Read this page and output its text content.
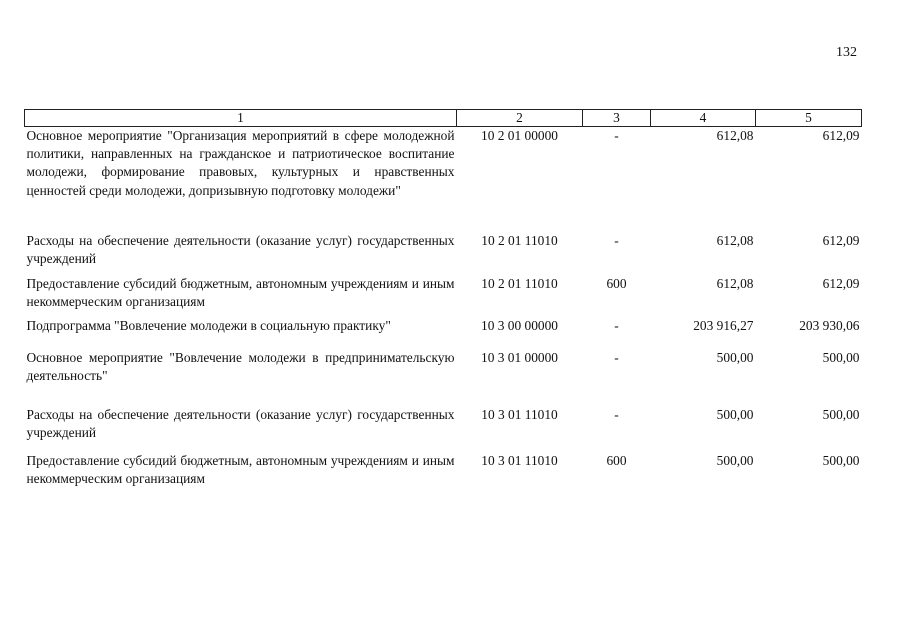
132
1	2	3	4	5
Основное мероприятие "Организация мероприятий в сфере молодежной политики, направленных на гражданское и патриотическое воспитание молодежи, формирование правовых, культурных и нравственных ценностей среди молодежи, допризывную подготовку молодежи"	10 2 01 00000	-	612,08	612,09
Расходы на обеспечение деятельности (оказание услуг) государственных учреждений	10 2 01 11010	-	612,08	612,09
Предоставление субсидий бюджетным, автономным учреждениям и иным некоммерческим организациям	10 2 01 11010	600	612,08	612,09
Подпрограмма "Вовлечение молодежи в социальную практику"	10 3 00 00000	-	203 916,27	203 930,06
Основное мероприятие "Вовлечение молодежи в предпринимательскую деятельность"	10 3 01 00000	-	500,00	500,00
Расходы на обеспечение деятельности (оказание услуг) государственных учреждений	10 3 01 11010	-	500,00	500,00
Предоставление субсидий бюджетным, автономным учреждениям и иным некоммерческим организациям	10 3 01 11010	600	500,00	500,00
